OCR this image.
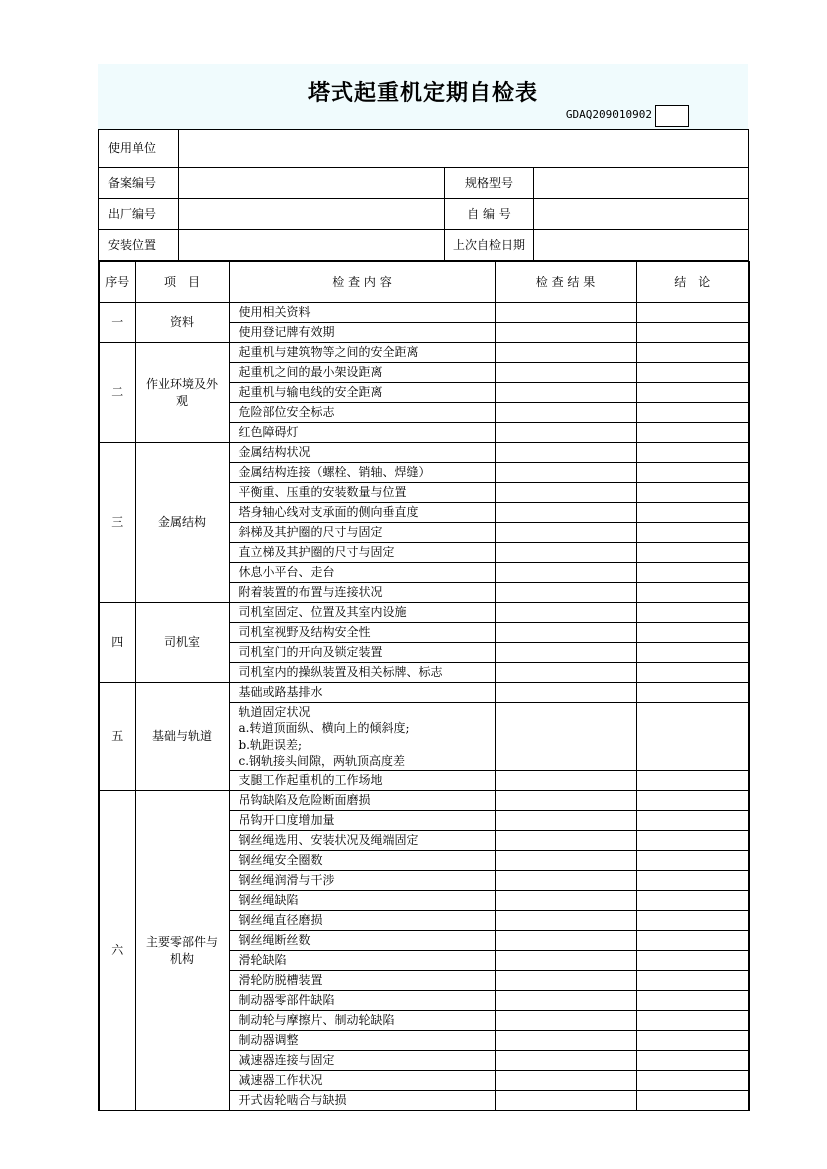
塔式起重机定期自检表
GDAQ209010902
使用单位			
备案编号		规格型号	
出厂编号		自 编 号	
安装位置		上次自检日期	
序号	项　目	检 查 内 容	检 查 结 果	结　论
一	资料	使用相关资料		
		使用登记牌有效期		
二	作业环境及外观	起重机与建筑物等之间的安全距离		
		起重机之间的最小架设距离		
		起重机与输电线的安全距离		
		危险部位安全标志		
		红色障碍灯		
三	金属结构	金属结构状况		
		金属结构连接（螺栓、销轴、焊缝）		
		平衡重、压重的安装数量与位置		
		塔身轴心线对支承面的侧向垂直度		
		斜梯及其护圈的尺寸与固定		
		直立梯及其护圈的尺寸与固定		
		休息小平台、走台		
		附着装置的布置与连接状况		
四	司机室	司机室固定、位置及其室内设施		
		司机室视野及结构安全性		
		司机室门的开向及锁定装置		
		司机室内的操纵装置及相关标牌、标志		
五	基础与轨道	基础或路基排水		
		轨道固定状况
a.转道顶面纵、横向上的倾斜度;
b.轨距误差;
c.钢轨接头间隙，两轨顶高度差		
		支腿工作起重机的工作场地		
六	主要零部件与机构	吊钩缺陷及危险断面磨损		
		吊钩开口度增加量		
		钢丝绳选用、安装状况及绳端固定		
		钢丝绳安全圈数		
		钢丝绳润滑与干涉		
		钢丝绳缺陷		
		钢丝绳直径磨损		
		钢丝绳断丝数		
		滑轮缺陷		
		滑轮防脱槽装置		
		制动器零部件缺陷		
		制动轮与摩擦片、制动轮缺陷		
		制动器调整		
		减速器连接与固定		
		减速器工作状况		
		开式齿轮啮合与缺损		
